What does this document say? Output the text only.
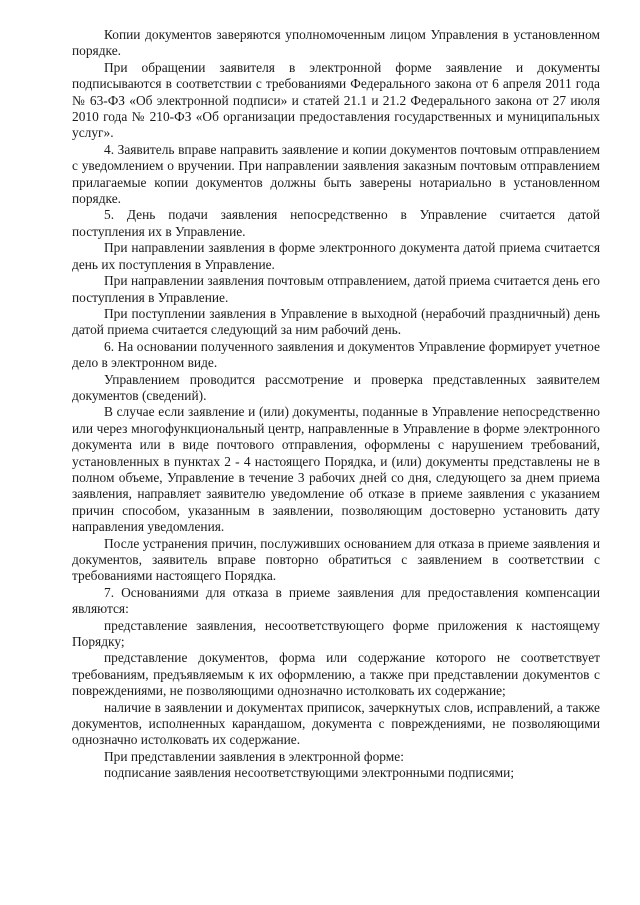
Копии документов заверяются уполномоченным лицом Управления в установленном порядке.

При обращении заявителя в электронной форме заявление и документы подписываются в соответствии с требованиями Федерального закона от 6 апреля 2011 года № 63-ФЗ «Об электронной подписи» и статей 21.1 и 21.2 Федерального закона от 27 июля 2010 года № 210-ФЗ «Об организации предоставления государственных и муниципальных услуг».

4. Заявитель вправе направить заявление и копии документов почтовым отправлением с уведомлением о вручении. При направлении заявления заказным почтовым отправлением прилагаемые копии документов должны быть заверены нотариально в установленном порядке.

5. День подачи заявления непосредственно в Управление считается датой поступления их в Управление.

При направлении заявления в форме электронного документа датой приема считается день их поступления в Управление.

При направлении заявления почтовым отправлением, датой приема считается день его поступления в Управление.

При поступлении заявления в Управление в выходной (нерабочий праздничный) день датой приема считается следующий за ним рабочий день.

6. На основании полученного заявления и документов Управление формирует учетное дело в электронном виде.

Управлением проводится рассмотрение и проверка представленных заявителем документов (сведений).

В случае если заявление и (или) документы, поданные в Управление непосредственно или через многофункциональный центр, направленные в Управление в форме электронного документа или в виде почтового отправления, оформлены с нарушением требований, установленных в пунктах 2 - 4 настоящего Порядка, и (или) документы представлены не в полном объеме, Управление в течение 3 рабочих дней со дня, следующего за днем приема заявления, направляет заявителю уведомление об отказе в приеме заявления с указанием причин способом, указанным в заявлении, позволяющим достоверно установить дату направления уведомления.

После устранения причин, послуживших основанием для отказа в приеме заявления и документов, заявитель вправе повторно обратиться с заявлением в соответствии с требованиями настоящего Порядка.

7. Основаниями для отказа в приеме заявления для предоставления компенсации являются:

представление заявления, несоответствующего форме приложения к настоящему Порядку;

представление документов, форма или содержание которого не соответствует требованиям, предъявляемым к их оформлению, а также при представлении документов с повреждениями, не позволяющими однозначно истолковать их содержание;

наличие в заявлении и документах приписок, зачеркнутых слов, исправлений, а также документов, исполненных карандашом, документа с повреждениями, не позволяющими однозначно истолковать их содержание.

При представлении заявления в электронной форме:

подписание заявления несоответствующими электронными подписями;
